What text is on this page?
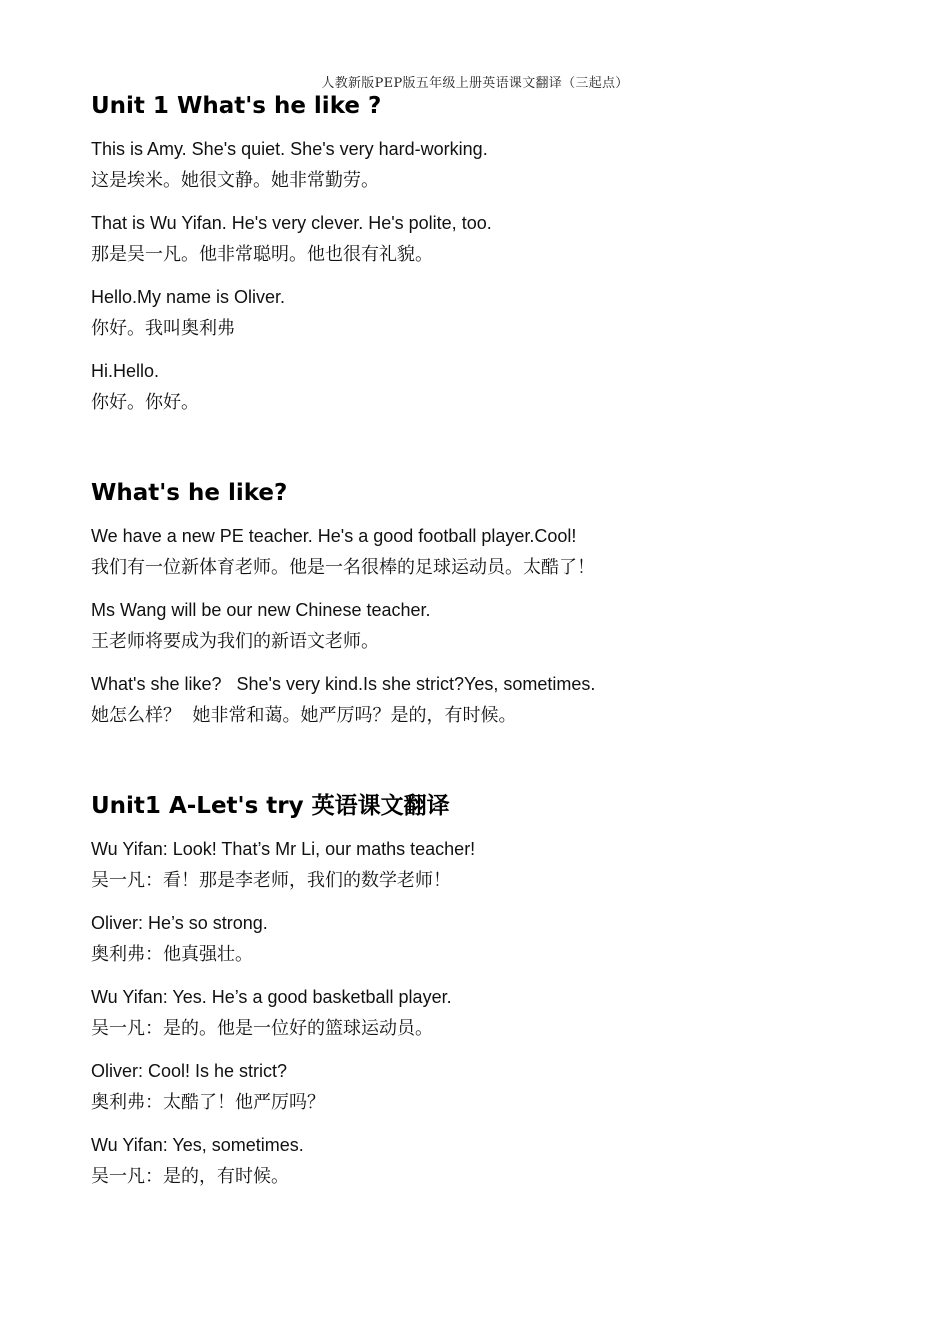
人教新版PEP版五年级上册英语课文翻译（三起点）
Unit 1 What's he like ?
This is Amy. She's quiet. She's very hard-working.
这是埃米。她很文静。她非常勤劳。
That is Wu Yifan. He's very clever. He's polite, too.
那是吴一凡。他非常聪明。他也很有礼貌。
Hello.My name is Oliver.
你好。我叫奥利弗
Hi.Hello.
你好。你好。
What's he like?
We have a new PE teacher. He's a good football player.Cool!
我们有一位新体育老师。他是一名很棒的足球运动员。太酷了！
Ms Wang will be our new Chinese teacher.
王老师将要成为我们的新语文老师。
What's she like?   She's very kind.Is she strict?Yes, sometimes.
她怎么样？  她非常和蔼。她严厉吗？是的，有时候。
Unit1 A-Let's try 英语课文翻译
Wu Yifan: Look! That’s Mr Li, our maths teacher!
吴一凡：看！那是李老师，我们的数学老师！
Oliver: He’s so strong.
奥利弗：他真强壮。
Wu Yifan: Yes. He’s a good basketball player.
吴一凡：是的。他是一位好的篮球运动员。
Oliver: Cool! Is he strict?
奥利弗：太酷了！他严厉吗？
Wu Yifan: Yes, sometimes.
吴一凡：是的，有时候。
